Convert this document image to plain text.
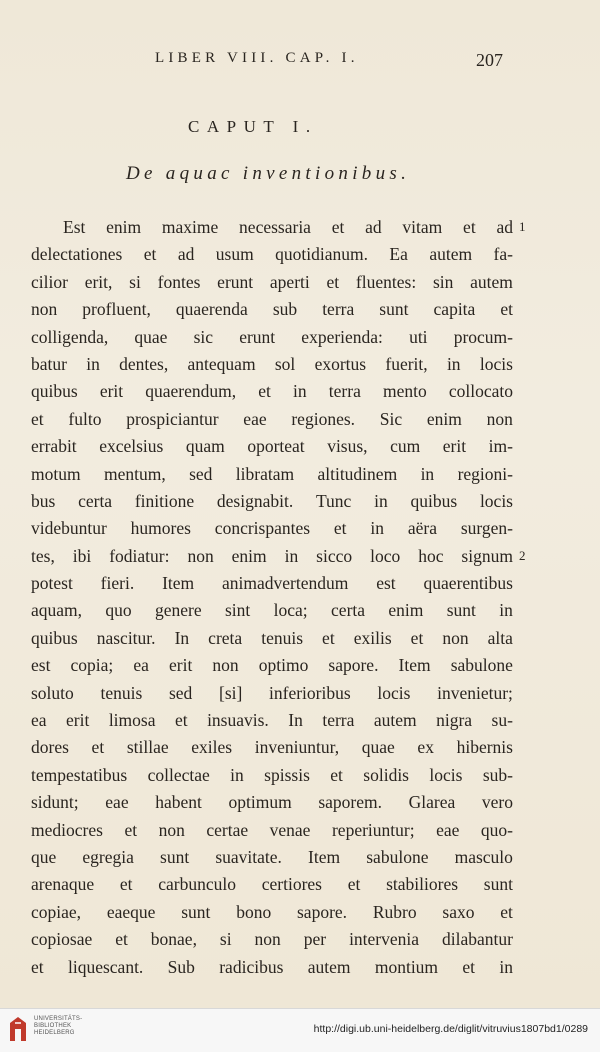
LIBER VIII. CAP. I.	207
CAPUT I.
De aquac inventionibus.
Est enim maxime necessaria et ad vitam et ad
delectationes et ad usum quotidianum. Ea autem fa-
cilior erit, si fontes erunt aperti et fluentes: sin autem
non profluent, quaerenda sub terra sunt capita et
colligenda, quae sic erunt experienda: uti procum-
batur in dentes, antequam sol exortus fuerit, in locis
quibus erit quaerendum, et in terra mento collocato
et fulto prospiciantur eae regiones. Sic enim non
errabit excelsius quam oporteat visus, cum erit im-
motum mentum, sed libratam altitudinem in regioni-
bus certa finitione designabit. Tunc in quibus locis
videbuntur humores concrispantes et in aëra surgen-
tes, ibi fodiatur: non enim in sicco loco hoc signum
potest fieri. Item animadvertendum est quaerentibus
aquam, quo genere sint loca; certa enim sunt in
quibus nascitur. In creta tenuis et exilis et non alta
est copia; ea erit non optimo sapore. Item sabulone
soluto tenuis sed [si] inferioribus locis invenietur;
ea erit limosa et insuavis. In terra autem nigra su-
dores et stillae exiles inveniuntur, quae ex hibernis
tempestatibus collectae in spissis et solidis locis sub-
sidunt; eae habent optimum saporem. Glarea vero
mediocres et non certae venae reperiuntur; eae quo-
que egregia sunt suavitate. Item sabulone masculo
arenaque et carbunculo certiores et stabiliores sunt
copiae, eaeque sunt bono sapore. Rubro saxo et
copiosae et bonae, si non per intervenia dilabantur
et liquescant. Sub radicibus autem montium et in
1
2
UNIVERSITÄTS-
BIBLIOTHEK
HEIDELBERG	http://digi.ub.uni-heidelberg.de/diglit/vitruvius1807bd1/0289
